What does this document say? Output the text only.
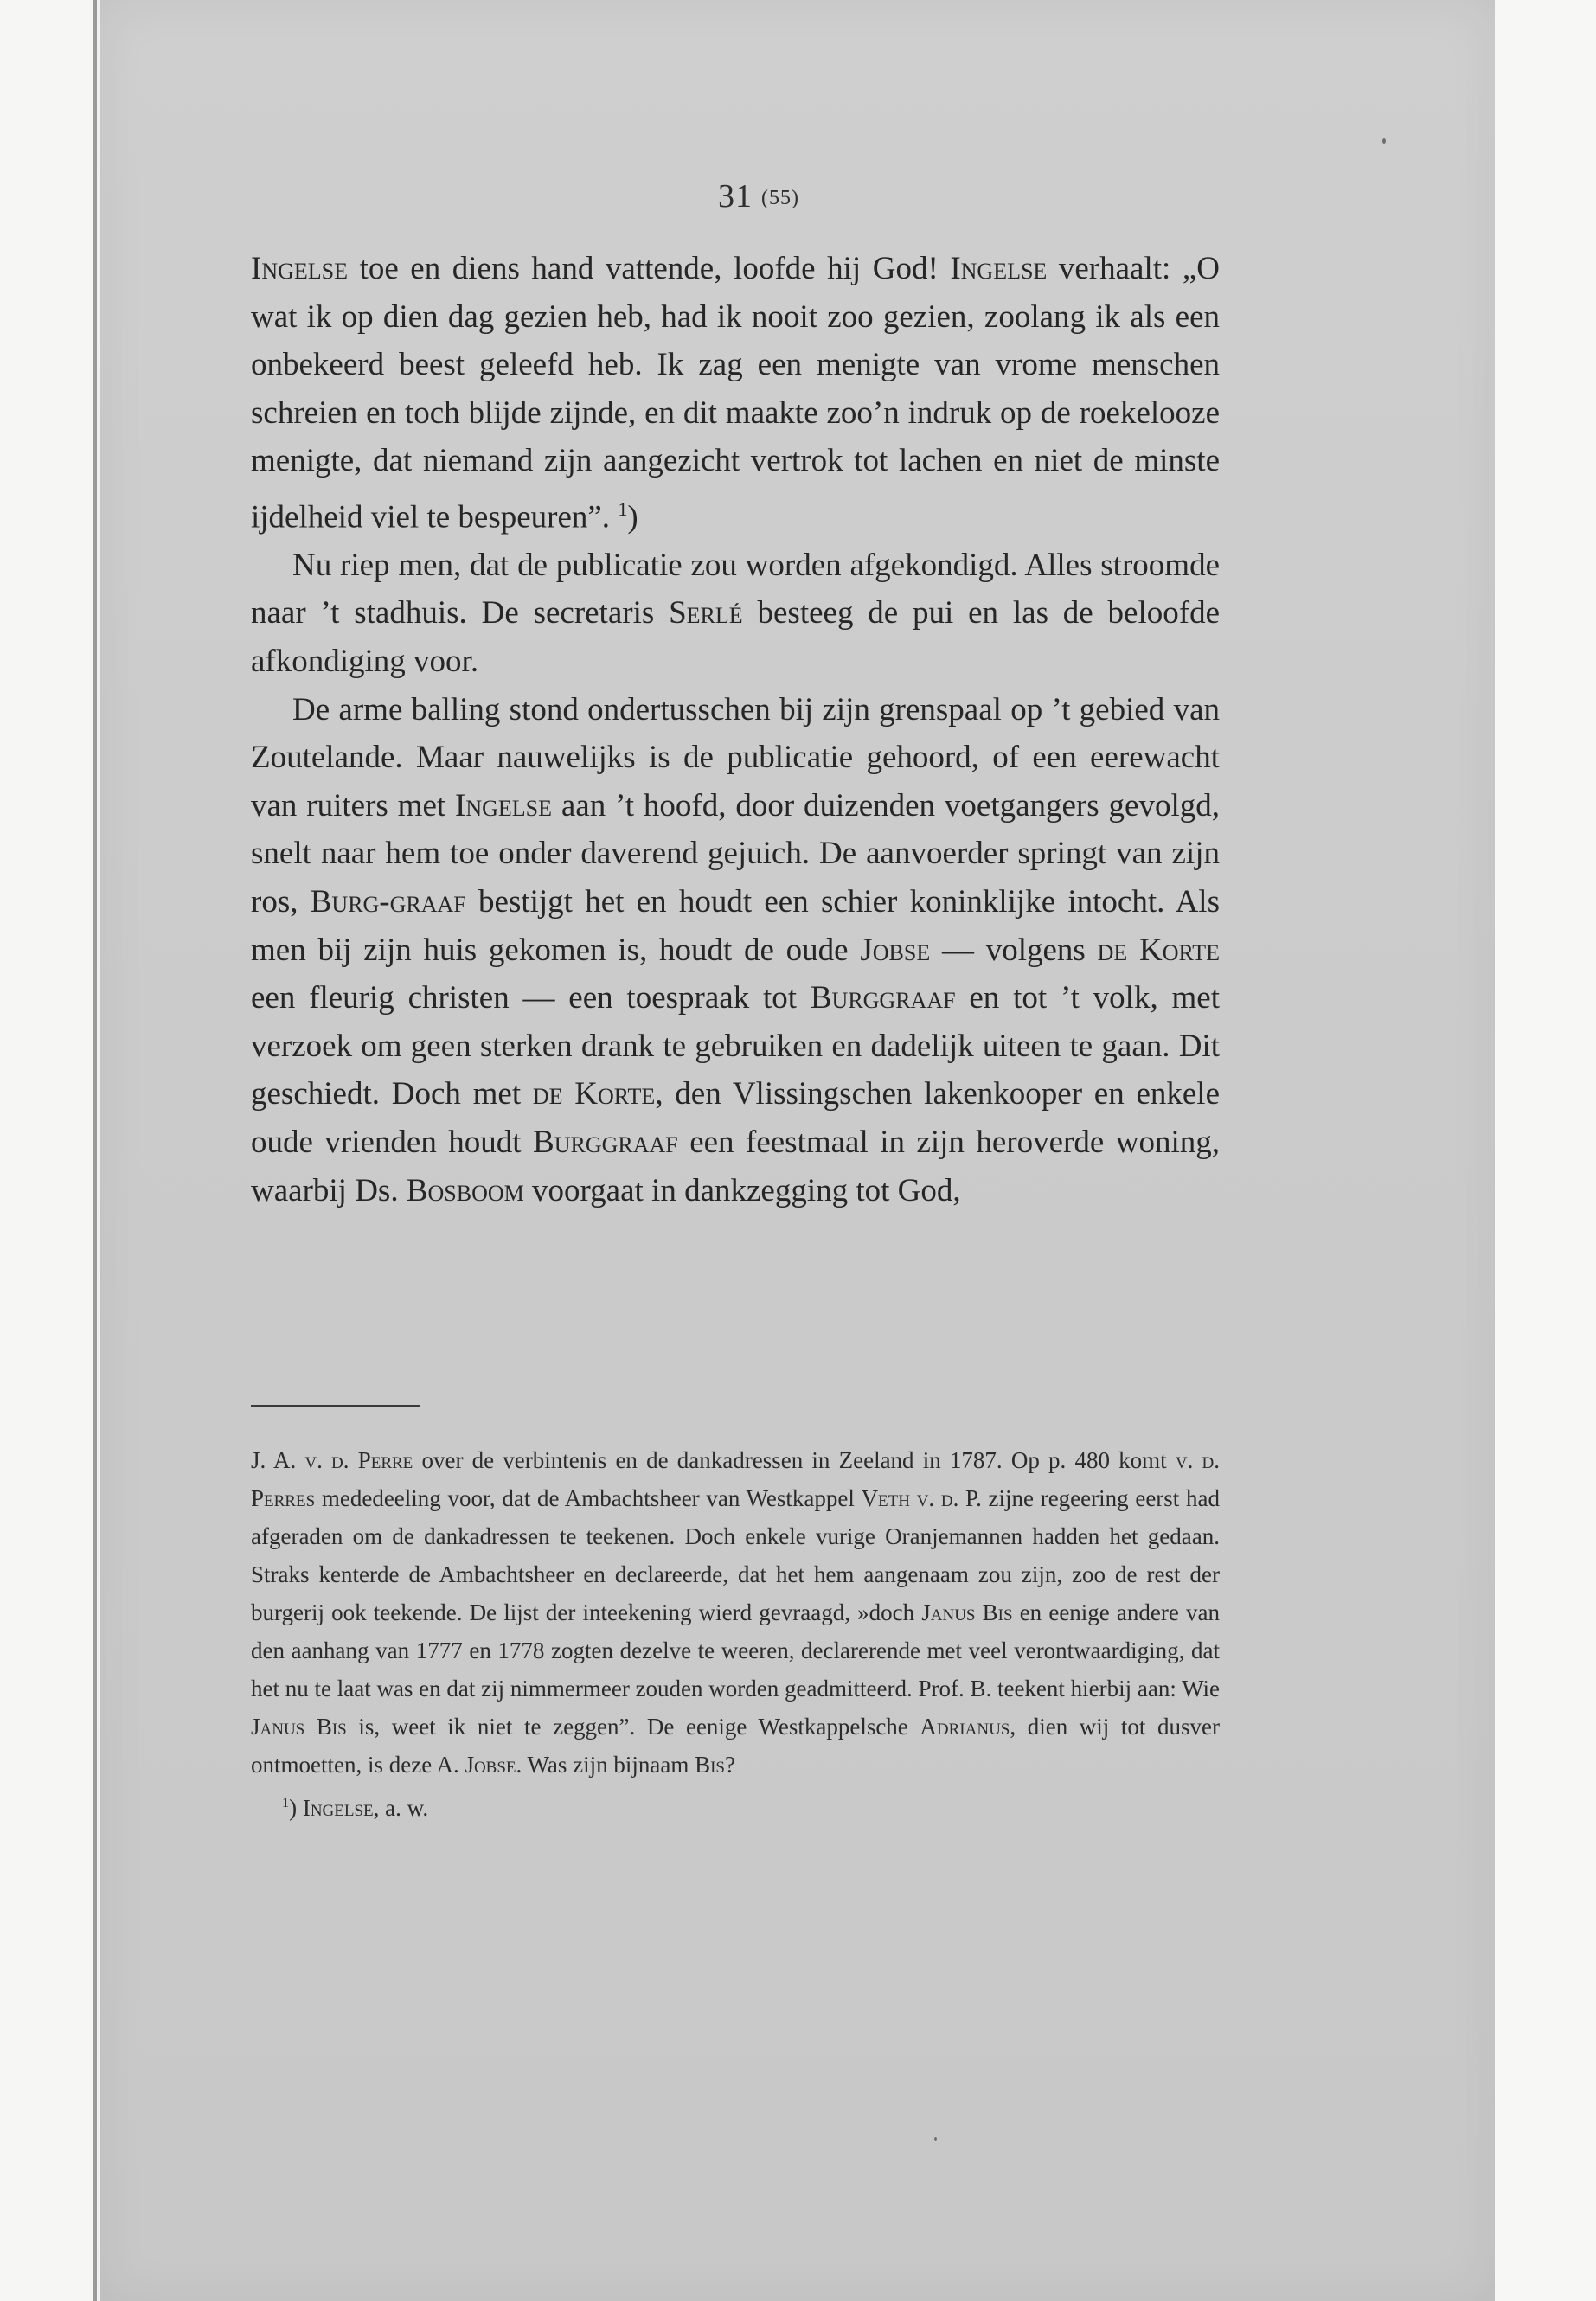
31 (55)

Ingelse toe en diens hand vattende, loofde hij God! Ingelse verhaalt: „O wat ik op dien dag gezien heb, had ik nooit zoo gezien, zoolang ik als een onbekeerd beest geleefd heb. Ik zag een menigte van vrome menschen schreien en toch blijde zijnde, en dit maakte zoo’n indruk op de roekelooze menigte, dat niemand zijn aangezicht vertrok tot lachen en niet de minste ijdelheid viel te bespeuren”. $^1$)

Nu riep men, dat de publicatie zou worden afgekondigd. Alles stroomde naar ’t stadhuis. De secretaris Serlé besteeg de pui en las de beloofde afkondiging voor.

De arme balling stond ondertusschen bij zijn grenspaal op ’t gebied van Zoutelande. Maar nauwelijks is de publicatie gehoord, of een eerewacht van ruiters met Ingelse aan ’t hoofd, door duizenden voetgangers gevolgd, snelt naar hem toe onder daverend gejuich. De aanvoerder springt van zijn ros, Burg-graaf bestijgt het en houdt een schier koninklijke intocht. Als men bij zijn huis gekomen is, houdt de oude Jobse — volgens de Korte een fleurig christen — een toespraak tot Burggraaf en tot ’t volk, met verzoek om geen sterken drank te gebruiken en dadelijk uiteen te gaan. Dit geschiedt. Doch met de Korte, den Vlissingschen lakenkooper en enkele oude vrienden houdt Burggraaf een feestmaal in zijn heroverde woning, waarbij Ds. Bosboom voorgaat in dankzegging tot God,

J. A. v. d. Perre over de verbintenis en de dankadressen in Zeeland in 1787. Op p. 480 komt v. d. Perres mededeeling voor, dat de Ambachtsheer van Westkappel Veth v. d. P. zijne regeering eerst had afgeraden om de dankadressen te teekenen. Doch enkele vurige Oranjemannen hadden het gedaan. Straks kenterde de Ambachtsheer en declareerde, dat het hem aangenaam zou zijn, zoo de rest der burgerij ook teekende. De lijst der inteekening wierd gevraagd, »doch Janus Bis en eenige andere van den aanhang van 1777 en 1778 zogten dezelve te weeren, declarerende met veel verontwaardiging, dat het nu te laat was en dat zij nimmermeer zouden worden geadmitteerd. Prof. B. teekent hierbij aan: Wie Janus Bis is, weet ik niet te zeggen”. De eenige Westkappelsche Adrianus, dien wij tot dusver ontmoetten, is deze A. Jobse. Was zijn bijnaam Bis?

$^1$) Ingelse, a. w.
